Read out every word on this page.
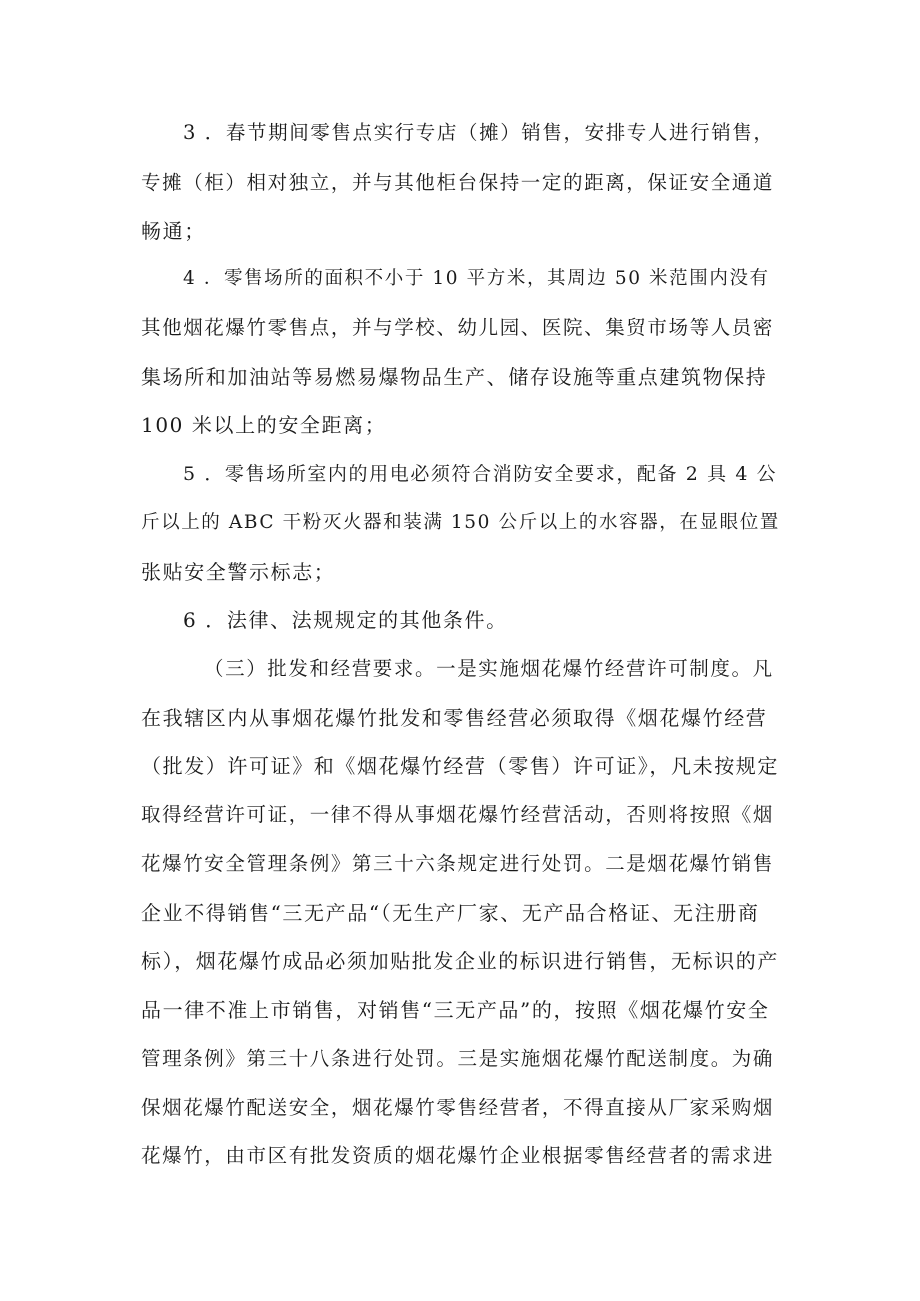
3 ．春节期间零售点实行专店（摊）销售，安排专人进行销售，

专摊（柜）相对独立，并与其他柜台保持一定的距离，保证安全通道

畅通；

4 ．零售场所的面积不小于 10 平方米，其周边 50 米范围内没有

其他烟花爆竹零售点，并与学校、幼儿园、医院、集贸市场等人员密

集场所和加油站等易燃易爆物品生产、储存设施等重点建筑物保持

100 米以上的安全距离；

5 ．零售场所室内的用电必须符合消防安全要求，配备 2 具 4 公

斤以上的 ABC 干粉灭火器和装满 150 公斤以上的水容器，在显眼位置

张贴安全警示标志；

6 ．法律、法规规定的其他条件。

（三）批发和经营要求。一是实施烟花爆竹经营许可制度。凡

在我辖区内从事烟花爆竹批发和零售经营必须取得《烟花爆竹经营

（批发）许可证》和《烟花爆竹经营（零售）许可证》，凡未按规定

取得经营许可证，一律不得从事烟花爆竹经营活动，否则将按照《烟

花爆竹安全管理条例》第三十六条规定进行处罚。二是烟花爆竹销售

企业不得销售“三无产品“（无生产厂家、无产品合格证、无注册商

标），烟花爆竹成品必须加贴批发企业的标识进行销售，无标识的产

品一律不准上市销售，对销售“三无产品”的，按照《烟花爆竹安全

管理条例》第三十八条进行处罚。三是实施烟花爆竹配送制度。为确

保烟花爆竹配送安全，烟花爆竹零售经营者，不得直接从厂家采购烟

花爆竹，由市区有批发资质的烟花爆竹企业根据零售经营者的需求进
